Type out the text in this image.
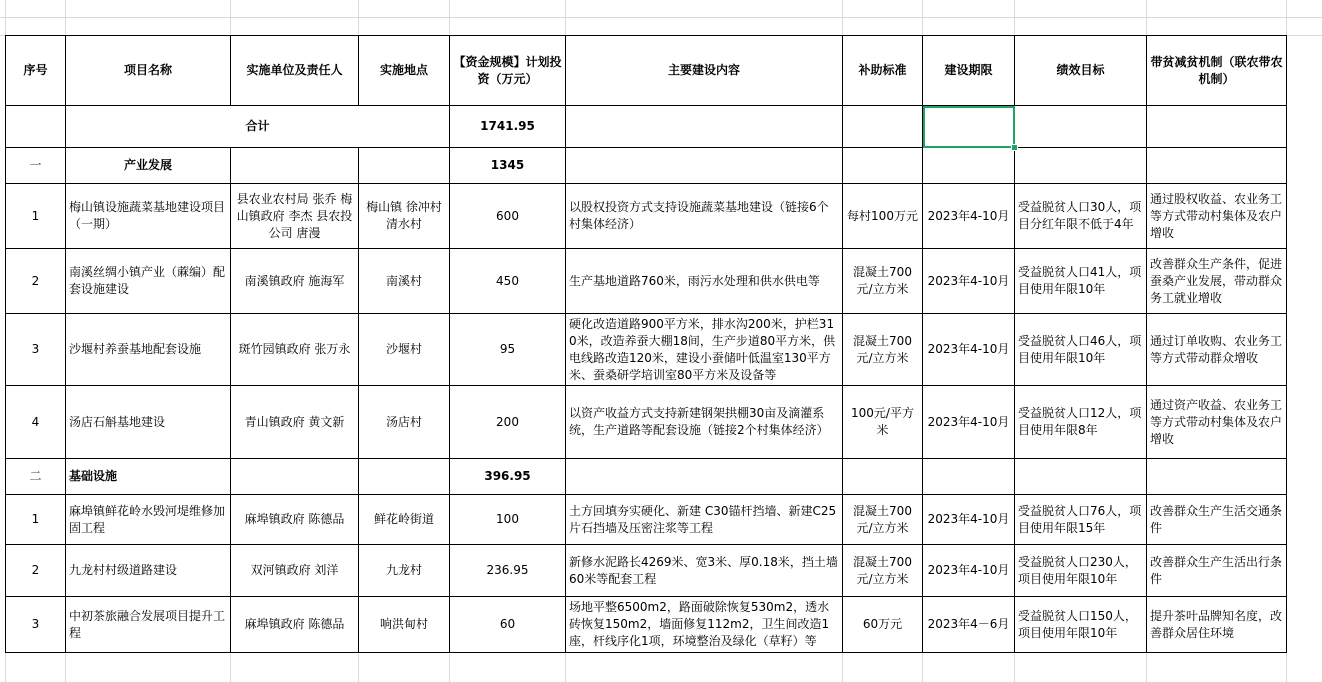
序号	项目名称	实施单位及责任人	实施地点	【资金规模】计划投资（万元）	主要建设内容	补助标准	建设期限	绩效目标	带贫减贫机制（联农带农机制）
	合计			1741.95					
一	产业发展			1345					
1	梅山镇设施蔬菜基地建设项目（一期）	县农业农村局 张乔 梅山镇政府 李杰 县农投公司 唐漫	梅山镇 徐冲村 清水村	600	以股权投资方式支持设施蔬菜基地建设（链接6个村集体经济）	每村100万元	2023年4-10月	受益脱贫人口30人，项目分红年限不低于4年	通过股权收益、农业务工等方式带动村集体及农户增收
2	南溪丝绸小镇产业（蔴编）配套设施建设	南溪镇政府 施海军	南溪村	450	生产基地道路760米，雨污水处理和供水供电等	混凝土700元/立方米	2023年4-10月	受益脱贫人口41人，项目使用年限10年	改善群众生产条件，促进蚕桑产业发展，带动群众务工就业增收
3	沙堰村养蚕基地配套设施	斑竹园镇政府 张万永	沙堰村	95	硬化改造道路900平方米，排水沟200米，护栏310米，改造养蚕大棚18间，生产步道80平方米，供电线路改造120米，建设小蚕储叶低温室130平方米、蚕桑研学培训室80平方米及设备等	混凝土700元/立方米	2023年4-10月	受益脱贫人口46人，项目使用年限10年	通过订单收购、农业务工等方式带动群众增收
4	汤店石斛基地建设	青山镇政府 黄文新	汤店村	200	以资产收益方式支持新建钢架拱棚30亩及滴灌系统，生产道路等配套设施（链接2个村集体经济）	100元/平方米	2023年4-10月	受益脱贫人口12人，项目使用年限8年	通过资产收益、农业务工等方式带动村集体及农户增收
二	基础设施			396.95					
1	麻埠镇鲜花岭水毁河堤维修加固工程	麻埠镇政府 陈德品	鲜花岭街道	100	土方回填夯实硬化、新建 C30锚杆挡墙、新建C25片石挡墙及压密注浆等工程	混凝土700元/立方米	2023年4-10月	受益脱贫人口76人，项目使用年限15年	改善群众生产生活交通条件
2	九龙村村级道路建设	双河镇政府 刘洋	九龙村	236.95	新修水泥路长4269米、宽3米、厚0.18米，挡土墙60米等配套工程	混凝土700元/立方米	2023年4-10月	受益脱贫人口230人，项目使用年限10年	改善群众生产生活出行条件
3	中初茶旅融合发展项目提升工程	麻埠镇政府 陈德品	响洪甸村	60	场地平整6500m2，路面破除恢复530m2，透水砖恢复150m2，墙面修复112m2，卫生间改造1座，杆线序化1项，环境整治及绿化（草籽）等	60万元	2023年4－6月	受益脱贫人口150人，项目使用年限10年	提升茶叶品牌知名度，改善群众居住环境
